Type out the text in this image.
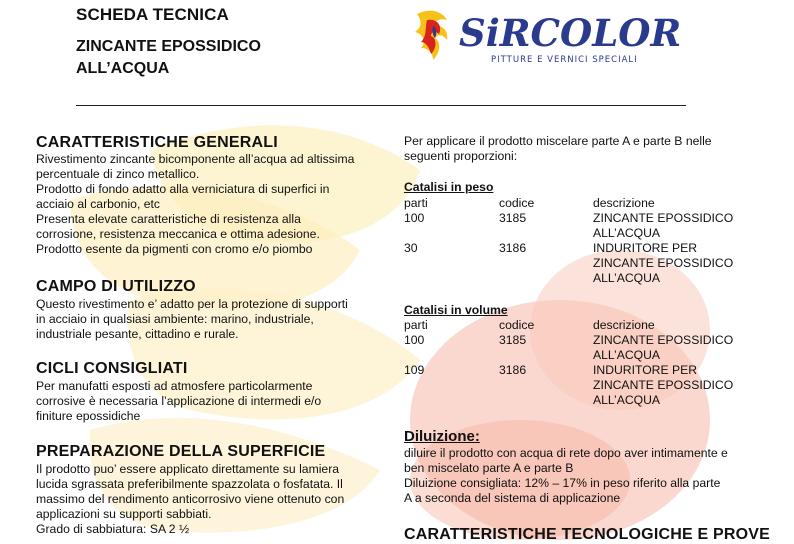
SCHEDA TECNICA
ZINCANTE EPOSSIDICO
ALL’ACQUA
SiRCOLOR
PITTURE E VERNICI SPECIALI
CARATTERISTICHE GENERALI
Rivestimento zincante bicomponente all’acqua ad altissima
percentuale di zinco metallico.
Prodotto di fondo adatto alla verniciatura di superfici in
acciaio al carbonio, etc
Presenta elevate caratteristiche di resistenza alla
corrosione, resistenza meccanica e ottima adesione.
Prodotto esente da pigmenti con cromo e/o piombo
CAMPO DI UTILIZZO
Questo rivestimento e’ adatto per la protezione di supporti
in acciaio in qualsiasi ambiente: marino, industriale,
industriale pesante, cittadino e rurale.
CICLI CONSIGLIATI
Per manufatti esposti ad atmosfere particolarmente
corrosive è necessaria l’applicazione di intermedi e/o
finiture epossidiche
PREPARAZIONE DELLA SUPERFICIE
Il prodotto puo’ essere applicato direttamente su lamiera
lucida sgrassata preferibilmente spazzolata o fosfatata. Il
massimo del rendimento anticorrosivo viene ottenuto con
applicazioni su supporti sabbiati.
Grado di sabbiatura: SA 2 ½
Per applicare il prodotto miscelare parte A e parte B nelle
seguenti proporzioni:
Catalisi in peso
parti	codice	descrizione
100	3185	ZINCANTE EPOSSIDICO
ALL’ACQUA
30	3186	INDURITORE PER
ZINCANTE EPOSSIDICO
ALL’ACQUA
Catalisi in volume
parti	codice	descrizione
100	3185	ZINCANTE EPOSSIDICO
ALL’ACQUA
109	3186	INDURITORE PER
ZINCANTE EPOSSIDICO
ALL’ACQUA
Diluizione:
diluire il prodotto con acqua di rete dopo aver intimamente e
ben miscelato parte A e parte B
Diluizione consigliata: 12% – 17% in peso riferito alla parte
A a seconda del sistema di applicazione
CARATTERISTICHE TECNOLOGICHE E PROVE
